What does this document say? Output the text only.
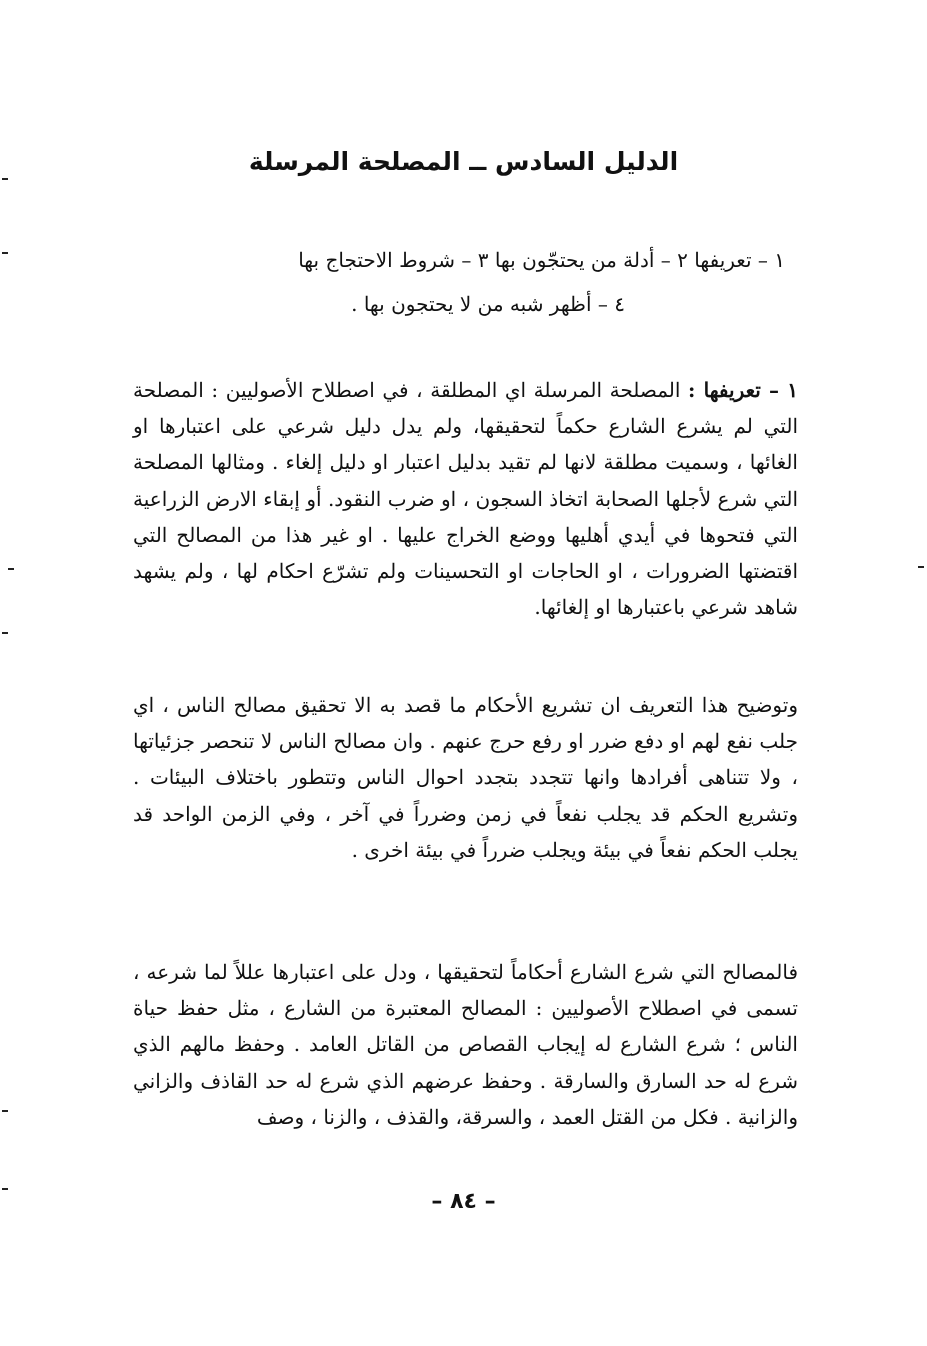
الدليل السادس ــ المصلحة المرسلة
١ – تعريفها ٢ – أدلة من يحتجّون بها ٣ – شروط الاحتجاج بها
٤ – أظهر شبه من لا يحتجون بها .

١ – تعريفها : المصلحة المرسلة اي المطلقة ، في اصطلاح الأصوليين : المصلحة التي لم يشرع الشارع حكماً لتحقيقها، ولم يدل دليل شرعي على اعتبارها او الغائها ، وسميت مطلقة لانها لم تقيد بدليل اعتبار او دليل إلغاء . ومثالها المصلحة التي شرع لأجلها الصحابة اتخاذ السجون ، او ضرب النقود. أو إبقاء الارض الزراعية التي فتحوها في أيدي أهليها ووضع الخراج عليها . او غير هذا من المصالح التي اقتضتها الضرورات ، او الحاجات او التحسينات ولم تشرّع احكام لها ، ولم يشهد شاهد شرعي باعتبارها او إلغائها.

وتوضيح هذا التعريف ان تشريع الأحكام ما قصد به الا تحقيق مصالح الناس ، اي جلب نفع لهم او دفع ضرر او رفع حرج عنهم . وان مصالح الناس لا تنحصر جزئياتها ، ولا تتناهى أفرادها وانها تتجدد بتجدد احوال الناس وتتطور باختلاف البيئات . وتشريع الحكم قد يجلب نفعاً في زمن وضرراً في آخر ، وفي الزمن الواحد قد يجلب الحكم نفعاً في بيئة ويجلب ضرراً في بيئة اخرى .

فالمصالح التي شرع الشارع أحكاماً لتحقيقها ، ودل على اعتبارها عللاً لما شرعه ، تسمى في اصطلاح الأصوليين : المصالح المعتبرة من الشارع ، مثل حفظ حياة الناس ؛ شرع الشارع له إيجاب القصاص من القاتل العامد . وحفظ مالهم الذي شرع له حد السارق والسارقة . وحفظ عرضهم الذي شرع له حد القاذف والزاني والزانية . فكل من القتل العمد ، والسرقة، والقذف ، والزنا ، وصف

– ٨٤ –
